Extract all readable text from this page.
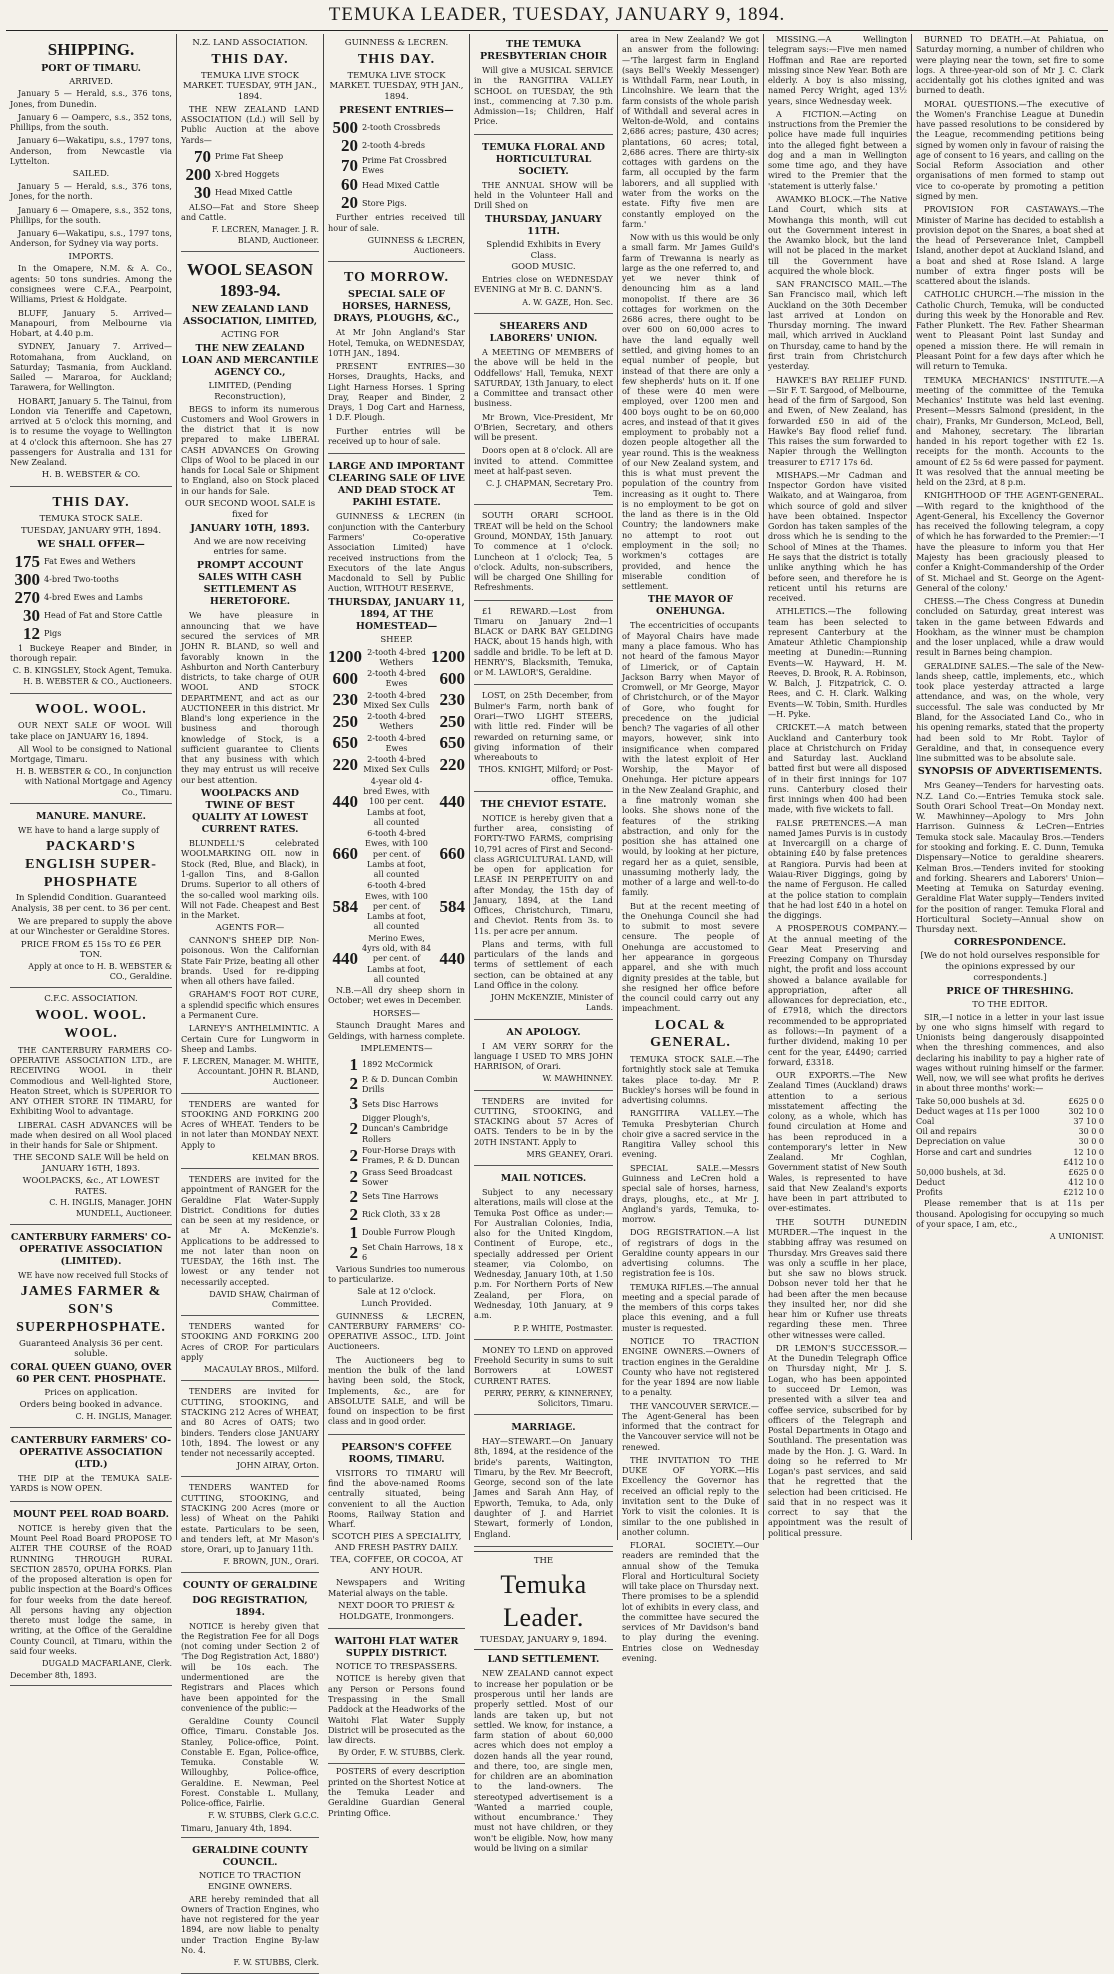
TEMUKA LEADER, TUESDAY, JANUARY 9, 1894.
SHIPPING.
PORT OF TIMARU.
ARRIVED.

January 5 — Herald, s.s., 376 tons, Jones, from Dunedin.

January 6 — Oamperc, s.s., 352 tons, Phillips, from the south.

January 6—Wakatipu, s.s., 1797 tons, Anderson, from Newcastle via Lyttelton.

SAILED.

January 5 — Herald, s.s., 376 tons, Jones, for the north.

January 6 — Omapere, s.s., 352 tons, Phillips, for the south.

January 6—Wakatipu, s.s., 1797 tons, Anderson, for Sydney via way ports.

IMPORTS.

In the Omapere, N.M. & A. Co., agents: 50 tons sundries. Among the consignees were C.F.A., Pearpoint, Williams, Priest & Holdgate.

BLUFF, January 5. Arrived—Manapouri, from Melbourne via Hobart, at 4.40 p.m.

SYDNEY, January 7. Arrived—Rotomahana, from Auckland, on Saturday; Tasmania, from Auckland. Sailed — Mararoa, for Auckland; Tarawera, for Wellington.

HOBART, January 5. The Tainui, from London via Teneriffe and Capetown, arrived at 5 o'clock this morning, and is to resume the voyage to Wellington at 4 o'clock this afternoon. She has 27 passengers for Australia and 131 for New Zealand.

H. B. WEBSTER & CO.
THIS DAY.
TEMUKA STOCK SALE.
TUESDAY, JANUARY 9TH, 1894.
WE SHALL OFFER—
175 Fat Ewes and Wethers
300 4-bred Two-tooths
270 4-bred Ewes and Lambs
30 Head of Fat and Store Cattle
12 Pigs

1 Buckeye Reaper and Binder, in thorough repair.

C. B. KINGSLEY, Stock Agent, Temuka.
H. B. WEBSTER & CO., Auctioneers.
WOOL. WOOL.

OUR NEXT SALE OF WOOL Will take place on JANUARY 16, 1894.

All Wool to be consigned to National Mortgage, Timaru.

H. B. WEBSTER & CO., In conjunction with National Mortgage and Agency Co., Timaru.
MANURE. MANURE.

WE have to hand a large supply of

PACKARD'S ENGLISH SUPER-PHOSPHATE
In Splendid Condition. Guaranteed Analysis, 38 per cent. to 36 per cent.

We are prepared to supply the above at our Winchester or Geraldine Stores.

PRICE FROM £5 15s TO £6 PER TON.
Apply at once to H. B. WEBSTER & CO., Geraldine.
C.F.C. ASSOCIATION.
WOOL. WOOL. WOOL.

THE CANTERBURY FARMERS CO-OPERATIVE ASSOCIATION LTD., are RECEIVING WOOL in their Commodious and Well-lighted Store, Heaton Street, which is SUPERIOR TO ANY OTHER STORE IN TIMARU, for Exhibiting Wool to advantage.

LIBERAL CASH ADVANCES will be made when desired on all Wool placed in their hands for Sale or Shipment.

THE SECOND SALE Will be held on JANUARY 16TH, 1893.
WOOLPACKS, &c., AT LOWEST RATES.
C. H. INGLIS, Manager. JOHN MUNDELL, Auctioneer.
CANTERBURY FARMERS' CO-OPERATIVE ASSOCIATION (LIMITED).

WE have now received full Stocks of

JAMES FARMER & SON'S SUPERPHOSPHATE.
Guaranteed Analysis 36 per cent. soluble.
CORAL QUEEN GUANO, OVER 60 PER CENT. PHOSPHATE.
Prices on application.
Orders being booked in advance.
C. H. INGLIS, Manager.
CANTERBURY FARMERS' CO-OPERATIVE ASSOCIATION (LTD.)

THE DIP at the TEMUKA SALE-YARDS is NOW OPEN.

MOUNT PEEL ROAD BOARD.

NOTICE is hereby given that the Mount Peel Road Board PROPOSE TO ALTER THE COURSE of the ROAD RUNNING THROUGH RURAL SECTION 28570, OPUHA FORKS. Plan of the proposed alteration is open for public inspection at the Board's Offices for four weeks from the date hereof. All persons having any objection thereto must lodge the same, in writing, at the Office of the Geraldine County Council, at Timaru, within the said four weeks.

DUGALD MACFARLANE, Clerk.
December 8th, 1893.
N.Z. LAND ASSOCIATION.
THIS DAY.
TEMUKA LIVE STOCK MARKET. TUESDAY, 9TH JAN., 1894.

THE NEW ZEALAND LAND ASSOCIATION (Ld.) will Sell by Public Auction at the above Yards—

70 Prime Fat Sheep
200 X-bred Hoggets
30 Head Mixed Cattle

ALSO—Fat and Store Sheep and Cattle.

F. LECREN, Manager. J. R. BLAND, Auctioneer.
WOOL SEASON 1893-94.
NEW ZEALAND LAND ASSOCIATION, LIMITED,
ACTING FOR
THE NEW ZEALAND LOAN AND MERCANTILE AGENCY CO.,
LIMITED, (Pending Reconstruction),

BEGS to inform its numerous Customers and Wool Growers in the district that it is now prepared to make LIBERAL CASH ADVANCES On Growing Clips of Wool to be placed in our hands for Local Sale or Shipment to England, also on Stock placed in our hands for Sale.

OUR SECOND WOOL SALE is fixed for
JANUARY 10TH, 1893.
And we are now receiving entries for same.
PROMPT ACCOUNT SALES WITH CASH SETTLEMENT AS HERETOFORE.

We have pleasure in announcing that we have secured the services of MR JOHN R. BLAND, so well and favorably known in the Ashburton and North Canterbury districts, to take charge of OUR WOOL AND STOCK DEPARTMENT, and act as our AUCTIONEER in this district. Mr Bland's long experience in the business and thorough knowledge of Stock, is a sufficient guarantee to Clients that any business with which they may entrust us will receive our best attention.

WOOLPACKS AND TWINE OF BEST QUALITY AT LOWEST CURRENT RATES.

BLUNDELL'S celebrated WOOLMARKING OIL now in Stock (Red, Blue, and Black), in 1-gallon Tins, and 8-Gallon Drums. Superior to all others of the so-called wool marking oils. Will not Fade. Cheapest and Best in the Market.

AGENTS FOR—

CANNON'S SHEEP DIP. Non-poisonous. Won the Californian State Fair Prize, beating all other brands. Used for re-dipping when all others have failed.

GRAHAM'S FOOT ROT CURE, a splendid specific which ensures a Permanent Cure.

LARNEY'S ANTHELMINTIC. A Certain Cure for Lungworm in Sheep and Lambs.

F. LECREN, Manager. M. WHITE, Accountant. JOHN R. BLAND, Auctioneer.

TENDERS are wanted for STOOKING AND FORKING 200 Acres of WHEAT. Tenders to be in not later than MONDAY NEXT. Apply to

KELMAN BROS.

TENDERS are invited for the appointment of RANGER for the Geraldine Flat Water-Supply District. Conditions for duties can be seen at my residence, or at Mr A. McKenzie's. Applications to be addressed to me not later than noon on TUESDAY, the 16th inst. The lowest or any tender not necessarily accepted.

DAVID SHAW, Chairman of Committee.

TENDERS wanted for STOOKING AND FORKING 200 Acres of CROP. For particulars apply

MACAULAY BROS., Milford.

TENDERS are invited for CUTTING, STOOKING, and STACKING 212 Acres of WHEAT, and 80 Acres of OATS; two binders. Tenders close JANUARY 10th, 1894. The lowest or any tender not necessarily accepted.

JOHN AIRAY, Orton.

TENDERS WANTED for CUTTING, STOOKING, and STACKING 200 Acres (more or less) of Wheat on the Pahiki estate. Particulars to be seen, and tenders left, at Mr Mason's store, Orari, up to January 11th.

F. BROWN, JUN., Orari.
COUNTY OF GERALDINE
DOG REGISTRATION, 1894.

NOTICE is hereby given that the Registration Fee for all Dogs (not coming under Section 2 of 'The Dog Registration Act, 1880') will be 10s each. The undermentioned are the Registrars and Places which have been appointed for the convenience of the public:—

Geraldine County Council Office, Timaru. Constable Jos. Stanley, Police-office, Point. Constable E. Egan, Police-office, Temuka. Constable W. Willoughby, Police-office, Geraldine. E. Newman, Peel Forest. Constable L. Mullany, Police-office, Fairlie.

F. W. STUBBS, Clerk G.C.C.
Timaru, January 4th, 1894.
GERALDINE COUNTY COUNCIL.
NOTICE TO TRACTION ENGINE OWNERS.

ARE hereby reminded that all Owners of Traction Engines, who have not registered for the year 1894, are now liable to penalty under Traction Engine By-law No. 4.

F. W. STUBBS, Clerk.
GUINNESS & LECREN.
THIS DAY.
TEMUKA LIVE STOCK MARKET. TUESDAY, 9TH JAN., 1894.
PRESENT ENTRIES—
500 2-tooth Crossbreds
20 2-tooth 4-breds
70 Prime Fat Crossbred Ewes
60 Head Mixed Cattle
20 Store Pigs.

Further entries received till hour of sale.

GUINNESS & LECREN, Auctioneers.
TO MORROW.
SPECIAL SALE OF HORSES, HARNESS, DRAYS, PLOUGHS, &C.,

At Mr John Angland's Star Hotel, Temuka, on WEDNESDAY, 10TH JAN., 1894.

PRESENT ENTRIES—30 Horses, Draughts, Hacks, and Light Harness Horses. 1 Spring Dray, Reaper and Binder, 2 Drays, 1 Dog Cart and Harness, 1 D.F. Plough.

Further entries will be received up to hour of sale.

LARGE AND IMPORTANT CLEARING SALE OF LIVE AND DEAD STOCK AT PAKIHI ESTATE.

GUINNESS & LECREN (in conjunction with the Canterbury Farmers' Co-operative Association Limited) have received instructions from the Executors of the late Angus Macdonald to Sell by Public Auction, WITHOUT RESERVE,

THURSDAY, JANUARY 11, 1894, AT THE HOMESTEAD—
SHEEP.
1200 2-tooth 4-bred Wethers	1200
600	2-tooth 4-bred Ewes	600
230	2-tooth 4-bred Mixed Sex Culls 230
250	2-tooth 4-bred Wethers	250
650	2-tooth 4-bred Ewes	650
220	2-tooth 4-bred Mixed Sex Culls 220
440
4-year old 4-bred Ewes, with 100 per cent. Lambs at foot, all counted
440
660
6-tooth 4-bred Ewes, with 100 per cent. of Lambs at foot, all counted
660
584
6-tooth 4-bred Ewes, with 100 per cent. of Lambs at foot, all counted
584
440
Merino Ewes, 4yrs old, with 84 per cent. of Lambs at foot, all counted
440

N.B.—All dry sheep shorn in October; wet ewes in December.

HORSES—

Staunch Draught Mares and Geldings, with harness complete.

IMPLEMENTS—
1 1892 McCormick
2 P. & D. Duncan Combin Drills
3 Sets Disc Harrows
2
Digger Plough's, Duncan's Cambridge Rollers
2 Four-Horse Drays with Frames, P. & D. Duncan
2 Grass Seed Broadcast Sower
2 Sets Tine Harrows
2 Rick Cloth, 33 x 28
1 Double Furrow Plough
2 Set Chain Harrows, 18 x 6

Various Sundries too numerous to particularize.

Sale at 12 o'clock.
Lunch Provided.

GUINNESS & LECREN, CANTERBURY FARMERS' CO-OPERATIVE ASSOC., LTD. Joint Auctioneers.

The Auctioneers beg to mention the bulk of the land having been sold, the Stock, Implements, &c., are for ABSOLUTE SALE, and will be found on inspection to be first class and in good order.

PEARSON'S COFFEE ROOMS, TIMARU.

VISITORS TO TIMARU will find the above-named Rooms centrally situated, being convenient to all the Auction Rooms, Railway Station and Wharf.

SCOTCH PIES A SPECIALITY, AND FRESH PASTRY DAILY.
TEA, COFFEE, OR COCOA, AT ANY HOUR.

Newspapers and Writing Material always on the table.

NEXT DOOR TO PRIEST & HOLDGATE, Ironmongers.
WAITOHI FLAT WATER SUPPLY DISTRICT.
NOTICE TO TRESPASSERS.

NOTICE is hereby given that any Person or Persons found Trespassing in the Small Paddock at the Headworks of the Waitohi Flat Water Supply District will be prosecuted as the law directs.

By Order, F. W. STUBBS, Clerk.

POSTERS of every description printed on the Shortest Notice at the Temuka Leader and Geraldine Guardian General Printing Office.

THE TEMUKA PRESBYTERIAN CHOIR

Will give a MUSICAL SERVICE in the RANGITIRA VALLEY SCHOOL on TUESDAY, the 9th inst., commencing at 7.30 p.m. Admission—1s; Children, Half Price.

TEMUKA FLORAL AND HORTICULTURAL SOCIETY.

THE ANNUAL SHOW will be held in the Volunteer Hall and Drill Shed on

THURSDAY, JANUARY 11TH.
Splendid Exhibits in Every Class.
GOOD MUSIC.

Entries close on WEDNESDAY EVENING at Mr B. C. DANN'S.

A. W. GAZE, Hon. Sec.
SHEARERS AND LABORERS' UNION.

A MEETING OF MEMBERS of the above will be held in the Oddfellows' Hall, Temuka, NEXT SATURDAY, 13th January, to elect a Committee and transact other business.

Mr Brown, Vice-President, Mr O'Brien, Secretary, and others will be present.

Doors open at 8 o'clock. All are invited to attend. Committee meet at half-past seven.

C. J. CHAPMAN, Secretary Pro. Tem.

SOUTH ORARI SCHOOL TREAT will be held on the School Ground, MONDAY, 15th January. To commence at 1 o'clock. Luncheon at 1 o'clock; Tea, 5 o'clock. Adults, non-subscribers, will be charged One Shilling for Refreshments.

£1 REWARD.—Lost from Timaru on January 2nd—1 BLACK or DARK BAY GELDING HACK, about 15 hands high, with saddle and bridle. To be left at D. HENRY'S, Blacksmith, Temuka, or M. LAWLOR'S, Geraldine.

LOST, on 25th December, from Bulmer's Farm, north bank of Orari—TWO LIGHT STEERS, with little red. Finder will be rewarded on returning same, or giving information of their whereabouts to

THOS. KNIGHT, Milford; or Post-office, Temuka.
THE CHEVIOT ESTATE.

NOTICE is hereby given that a further area, consisting of FORTY-TWO FARMS, comprising 10,791 acres of First and Second-class AGRICULTURAL LAND, will be open for application for LEASE IN PERPETUITY on and after Monday, the 15th day of January, 1894, at the Land Offices, Christchurch, Timaru, and Cheviot. Rents from 3s. to 11s. per acre per annum.

Plans and terms, with full particulars of the lands and terms of settlement of each section, can be obtained at any Land Office in the colony.

JOHN McKENZIE, Minister of Lands.
AN APOLOGY.

I AM VERY SORRY for the language I USED TO MRS JOHN HARRISON, of Orari.

W. MAWHINNEY.

TENDERS are invited for CUTTING, STOOKING, and STACKING about 57 Acres of OATS. Tenders to be in by the 20TH INSTANT. Apply to

MRS GEANEY, Orari.
MAIL NOTICES.

Subject to any necessary alterations, mails will close at the Temuka Post Office as under:—For Australian Colonies, India, also for the United Kingdom, Continent of Europe, etc., specially addressed per Orient steamer, via Colombo, on Wednesday, January 10th, at 1.50 p.m. For Northern Ports of New Zealand, per Flora, on Wednesday, 10th January, at 9 a.m.

P. P. WHITE, Postmaster.

MONEY TO LEND on approved Freehold Security in sums to suit Borrowers at LOWEST CURRENT RATES.

PERRY, PERRY, & KINNERNEY, Solicitors, Timaru.
MARRIAGE.

HAY—STEWART.—On January 8th, 1894, at the residence of the bride's parents, Waitington, Timaru, by the Rev. Mr Beecroft, George, second son of the late James and Sarah Ann Hay, of Epworth, Temuka, to Ada, only daughter of J. and Harriet Stewart, formerly of London, England.

THE
Temuka Leader.
TUESDAY, JANUARY 9, 1894.
LAND SETTLEMENT.

NEW ZEALAND cannot expect to increase her population or be prosperous until her lands are properly settled. Most of our lands are taken up, but not settled. We know, for instance, a farm station of about 60,000 acres which does not employ a dozen hands all the year round, and there, too, are single men, for children are an abomination to the land-owners. The stereotyped advertisement is a 'Wanted a married couple, without encumbrance.' They must not have children, or they won't be eligible. Now, how many would be living on a similar

area in New Zealand? We got an answer from the following:—'The largest farm in England (says Bell's Weekly Messenger) is Withdall Farm, near Louth, in Lincolnshire. We learn that the farm consists of the whole parish of Withdall and several acres in Welton-de-Wold, and contains 2,686 acres; pasture, 430 acres; plantations, 60 acres; total, 2,686 acres. There are thirty-six cottages with gardens on the farm, all occupied by the farm laborers, and all supplied with water from the works on the estate. Fifty five men are constantly employed on the farm.'

Now with us this would be only a small farm. Mr James Guild's farm of Trewanna is nearly as large as the one referred to, and yet we never think of denouncing him as a land monopolist. If there are 36 cottages for workmen on the 2686 acres, there ought to be over 600 on 60,000 acres to have the land equally well settled, and giving homes to an equal number of people, but instead of that there are only a few shepherds' huts on it. If one of these were 40 men were employed, over 1200 men and 400 boys ought to be on 60,000 acres, and instead of that it gives employment to probably not a dozen people altogether all the year round. This is the weakness of our New Zealand system, and this is what must prevent the population of the country from increasing as it ought to. There is no employment to be got on the land as there is in the Old Country; the landowners make no attempt to root out employment in the soil; no workmen's cottages are provided, and hence the miserable condition of settlement.

THE MAYOR OF ONEHUNGA.

The eccentricities of occupants of Mayoral Chairs have made many a place famous. Who has not heard of the famous Mayor of Limerick, or of Captain Jackson Barry when Mayor of Cromwell, or Mr George, Mayor of Christchurch, or of the Mayor of Gore, who fought for precedence on the judicial bench? The vagaries of all other mayors, however, sink into insignificance when compared with the latest exploit of Her Worship, the Mayor of Onehunga. Her picture appears in the New Zealand Graphic, and a fine matronly woman she looks. She shows none of the features of the striking abstraction, and only for the position she has attained one would, by looking at her picture, regard her as a quiet, sensible, unassuming motherly lady, the mother of a large and well-to-do family.

But at the recent meeting of the Onehunga Council she had to submit to most severe censure. The people of Onehunga are accustomed to her appearance in gorgeous apparel, and she with much dignity presides at the table, but she resigned her office before the council could carry out any impeachment.

LOCAL & GENERAL.

TEMUKA STOCK SALE.—The fortnightly stock sale at Temuka takes place to-day. Mr P. Buckley's horses will be found in advertising columns.

RANGITIRA VALLEY.—The Temuka Presbyterian Church choir give a sacred service in the Rangitira Valley school this evening.

SPECIAL SALE.—Messrs Guinness and LeCren hold a special sale of horses, harness, drays, ploughs, etc., at Mr J. Angland's yards, Temuka, to-morrow.

DOG REGISTRATION.—A list of registrars of dogs in the Geraldine county appears in our advertising columns. The registration fee is 10s.

TEMUKA RIFLES.—The annual meeting and a special parade of the members of this corps takes place this evening, and a full muster is requested.

NOTICE TO TRACTION ENGINE OWNERS.—Owners of traction engines in the Geraldine County who have not registered for the year 1894 are now liable to a penalty.

THE VANCOUVER SERVICE.—The Agent-General has been informed that the contract for the Vancouver service will not be renewed.

THE INVITATION TO THE DUKE OF YORK.—His Excellency the Governor has received an official reply to the invitation sent to the Duke of York to visit the colonies. It is similar to the one published in another column.

FLORAL SOCIETY.—Our readers are reminded that the annual show of the Temuka Floral and Horticultural Society will take place on Thursday next. There promises to be a splendid lot of exhibits in every class, and the committee have secured the services of Mr Davidson's band to play during the evening. Entries close on Wednesday evening.

MISSING.—A Wellington telegram says:—Five men named Hoffman and Rae are reported missing since New Year. Both are elderly. A boy is also missing, named Percy Wright, aged 13½ years, since Wednesday week.

A FICTION.—Acting on instructions from the Premier the police have made full inquiries into the alleged fight between a dog and a man in Wellington some time ago, and they have wired to the Premier that the 'statement is utterly false.'

AWAMKO BLOCK.—The Native Land Court, which sits at Mowhanga this month, will cut out the Government interest in the Awamko block, but the land will not be placed in the market till the Government have acquired the whole block.

SAN FRANCISCO MAIL.—The San Francisco mail, which left Auckland on the 30th December last arrived at London on Thursday morning. The inward mail, which arrived in Auckland on Thursday, came to hand by the first train from Christchurch yesterday.

HAWKE'S BAY RELIEF FUND.—Sir F. T. Sargood, of Melbourne, head of the firm of Sargood, Son and Ewen, of New Zealand, has forwarded £50 in aid of the Hawke's Bay flood relief fund. This raises the sum forwarded to Napier through the Wellington treasurer to £717 17s 6d.

MISHAPS.—Mr Cadman and Inspector Gordon have visited Waikato, and at Waingaroa, from which source of gold and silver have been obtained. Inspector Gordon has taken samples of the dross which he is sending to the School of Mines at the Thames. He says that the district is totally unlike anything which he has before seen, and therefore he is reticent until his returns are received.

ATHLETICS.—The following team has been selected to represent Canterbury at the Amateur Athletic Championship meeting at Dunedin:—Running Events—W. Hayward, H. M. Reeves, D. Brook, R. A. Robinson, W. Balch, J. Fitzpatrick, C. O. Rees, and C. H. Clark. Walking Events—W. Tobin, Smith. Hurdles—H. Pyke.

CRICKET.—A match between Auckland and Canterbury took place at Christchurch on Friday and Saturday last. Auckland batted first but were all disposed of in their first innings for 107 runs. Canterbury closed their first innings when 400 had been made, with five wickets to fall.

FALSE PRETENCES.—A man named James Purvis is in custody at Invercargill on a charge of obtaining £40 by false pretences at Rangiora. Purvis had been at Waiau-River Diggings, going by the name of Ferguson. He called at the police station to complain that he had lost £40 in a hotel on the diggings.

A PROSPEROUS COMPANY.—At the annual meeting of the Gear Meat Preserving and Freezing Company on Thursday night, the profit and loss account showed a balance available for appropriation, after all allowances for depreciation, etc., of £7918, which the directors recommended to be appropriated as follows:—In payment of a further dividend, making 10 per cent for the year, £4490; carried forward, £3318.

OUR EXPORTS.—The New Zealand Times (Auckland) draws attention to a serious misstatement affecting the colony, as a whole, which has found circulation at Home and has been reproduced in a contemporary's letter in New Zealand. Mr Coghlan, Government statist of New South Wales, is represented to have said that New Zealand's exports have been in part attributed to over-estimates.

THE SOUTH DUNEDIN MURDER.—The inquest in the stabbing affray was resumed on Thursday. Mrs Greaves said there was only a scuffle in her place, but she saw no blows struck. Dobson never told her that he had been after the men because they insulted her, nor did she hear him or Kufner use threats regarding these men. Three other witnesses were called.

DR LEMON'S SUCCESSOR.—At the Dunedin Telegraph Office on Thursday night, Mr J. S. Logan, who has been appointed to succeed Dr Lemon, was presented with a silver tea and coffee service, subscribed for by officers of the Telegraph and Postal Departments in Otago and Southland. The presentation was made by the Hon. J. G. Ward. In doing so he referred to Mr Logan's past services, and said that he regretted that the selection had been criticised. He said that in no respect was it correct to say that the appointment was the result of political pressure.

BURNED TO DEATH.—At Pahiatua, on Saturday morning, a number of children who were playing near the town, set fire to some logs. A three-year-old son of Mr J. C. Clark accidentally got his clothes ignited and was burned to death.

MORAL QUESTIONS.—The executive of the Women's Franchise League at Dunedin have passed resolutions to be considered by the League, recommending petitions being signed by women only in favour of raising the age of consent to 16 years, and calling on the Social Reform Association and other organisations of men formed to stamp out vice to co-operate by promoting a petition signed by men.

PROVISION FOR CASTAWAYS.—The Minister of Marine has decided to establish a provision depot on the Snares, a boat shed at the head of Perseverance Inlet, Campbell Island, another depot at Auckland Island, and a boat and shed at Rose Island. A large number of extra finger posts will be scattered about the islands.

CATHOLIC CHURCH.—The mission in the Catholic Church, Temuka, will be conducted during this week by the Honorable and Rev. Father Plunkett. The Rev. Father Shearman went to Pleasant Point last Sunday and opened a mission there. He will remain in Pleasant Point for a few days after which he will return to Temuka.

TEMUKA MECHANICS' INSTITUTE.—A meeting of the committee of the Temuka Mechanics' Institute was held last evening. Present—Messrs Salmond (president, in the chair), Franks, Mr Gunderson, McLeod, Bell, and Mahoney, secretary. The librarian handed in his report together with £2 1s. receipts for the month. Accounts to the amount of £2 5s 6d were passed for payment. It was resolved that the annual meeting be held on the 23rd, at 8 p.m.

KNIGHTHOOD OF THE AGENT-GENERAL.—With regard to the knighthood of the Agent-General, his Excellency the Governor has received the following telegram, a copy of which he has forwarded to the Premier:—'I have the pleasure to inform you that Her Majesty has been graciously pleased to confer a Knight-Commandership of the Order of St. Michael and St. George on the Agent-General of the colony.'

CHESS.—The Chess Congress at Dunedin concluded on Saturday, great interest was taken in the game between Edwards and Hookham, as the winner must be champion and the loser unplaced, while a draw would result in Barnes being champion.

GERALDINE SALES.—The sale of the New-lands sheep, cattle, implements, etc., which took place yesterday attracted a large attendance, and was, on the whole, very successful. The sale was conducted by Mr Bland, for the Associated Land Co., who in his opening remarks, stated that the property had been sold to Mr Robt. Taylor of Geraldine, and that, in consequence every line submitted was to be absolute sale.

SYNOPSIS OF ADVERTISEMENTS.

Mrs Geaney—Tenders for harvesting oats. N.Z. Land Co.—Entries Temuka stock sale. South Orari School Treat—On Monday next. W. Mawhinney—Apology to Mrs John Harrison. Guinness & LeCren—Entries Temuka stock sale. Macaulay Bros.—Tenders for stooking and forking. E. C. Dunn, Temuka Dispensary—Notice to geraldine shearers. Kelman Bros.—Tenders invited for stooking and forking. Shearers and Laborers' Union—Meeting at Temuka on Saturday evening. Geraldine Flat Water supply—Tenders invited for the position of ranger. Temuka Floral and Horticultural Society—Annual show on Thursday next.

CORRESPONDENCE.
[We do not hold ourselves responsible for the opinions expressed by our correspondents.]
PRICE OF THRESHING.
TO THE EDITOR.

SIR,—I notice in a letter in your last issue by one who signs himself with regard to Unionists being dangerously disappointed when the threshing commences, and also declaring his inability to pay a higher rate of wages without ruining himself or the farmer. Well, now, we will see what profits he derives in about three months' work:—

Take 50,000 bushels at 3d.	£625 0 0
Deduct wages at 11s per 1000	302 10 0
Coal	37 10 0
Oil and repairs	30 0 0
Depreciation on value	30 0 0
Horse and cart and sundries	12 10 0
£412 10 0
50,000 bushels, at 3d.	£625 0 0
Deduct	412 10 0
Profits	£212 10 0

Please remember that is at 11s per thousand. Apologising for occupying so much of your space, I am, etc.,

A UNIONIST.
